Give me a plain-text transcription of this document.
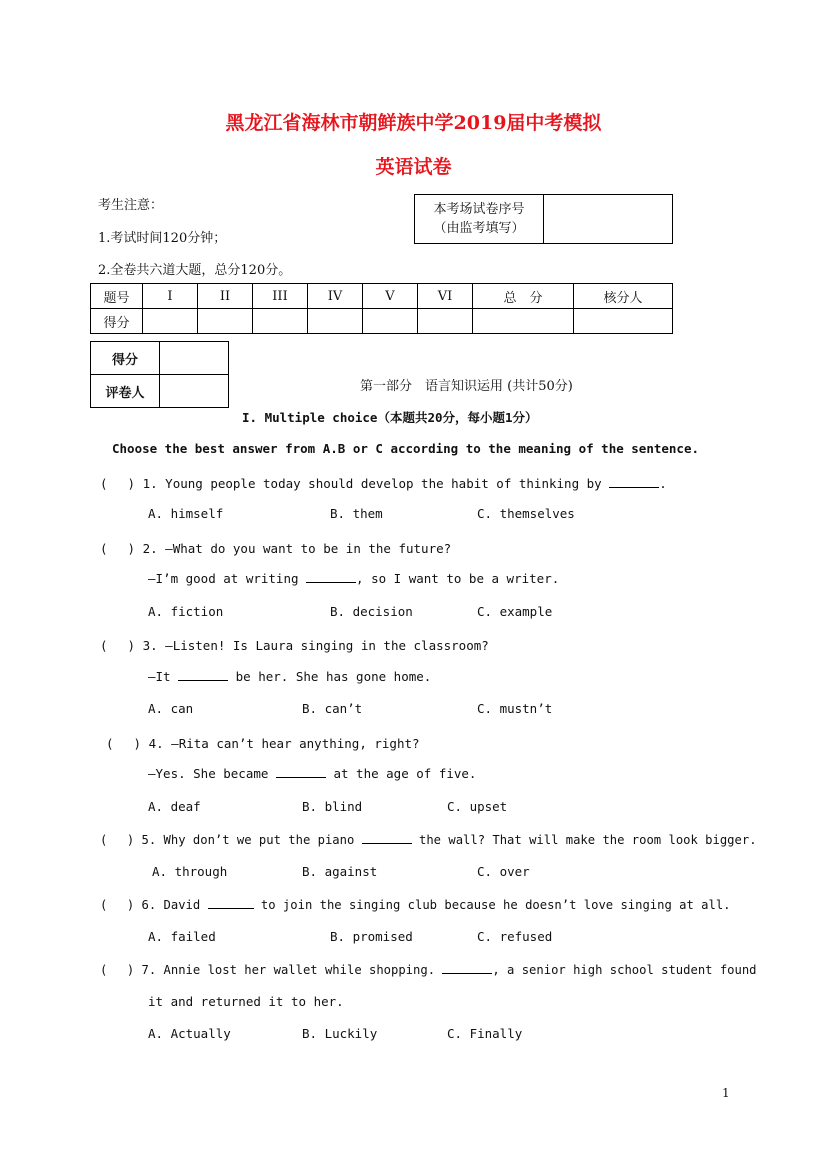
黑龙江省海林市朝鲜族中学2019届中考模拟
英语试卷
考生注意：
1.考试时间120分钟；
2.全卷共六道大题，总分120分。
本考场试卷序号
（由监考填写）

题号	I	II	III	IV	V	VI	总　分	核分人
得分								
得分	
评卷人		第一部分　语言知识运用 (共计50分)
I. Multiple choice（本题共20分，每小题1分）
Choose the best answer from A.B or C according to the meaning of the sentence.
(　 ) 1. Young people today should develop the habit of thinking by	.
A. himself	B. them	C. themselves
(　 ) 2. —What do you want to be in the future?
—I’m good at writing	, so I want to be a writer.
A. fiction	B. decision	C. example
(　 ) 3. —Listen! Is Laura singing in the classroom?
—It	be her. She has gone home.
A. can	B. can’t	C. mustn’t
(　 ) 4. —Rita can’t hear anything, right?
—Yes. She became	at the age of five.
A. deaf	B. blind	C. upset
(　 ) 5. Why don’t we put the piano	the wall? That will make the room look bigger.
A. through	B. against	C. over
(　 ) 6. David	to join the singing club because he doesn’t love singing at all.
A. failed	B. promised	C. refused
(　 ) 7. Annie lost her wallet while shopping.	, a senior high school student found
it and returned it to her.
A. Actually	B. Luckily	C. Finally
1
